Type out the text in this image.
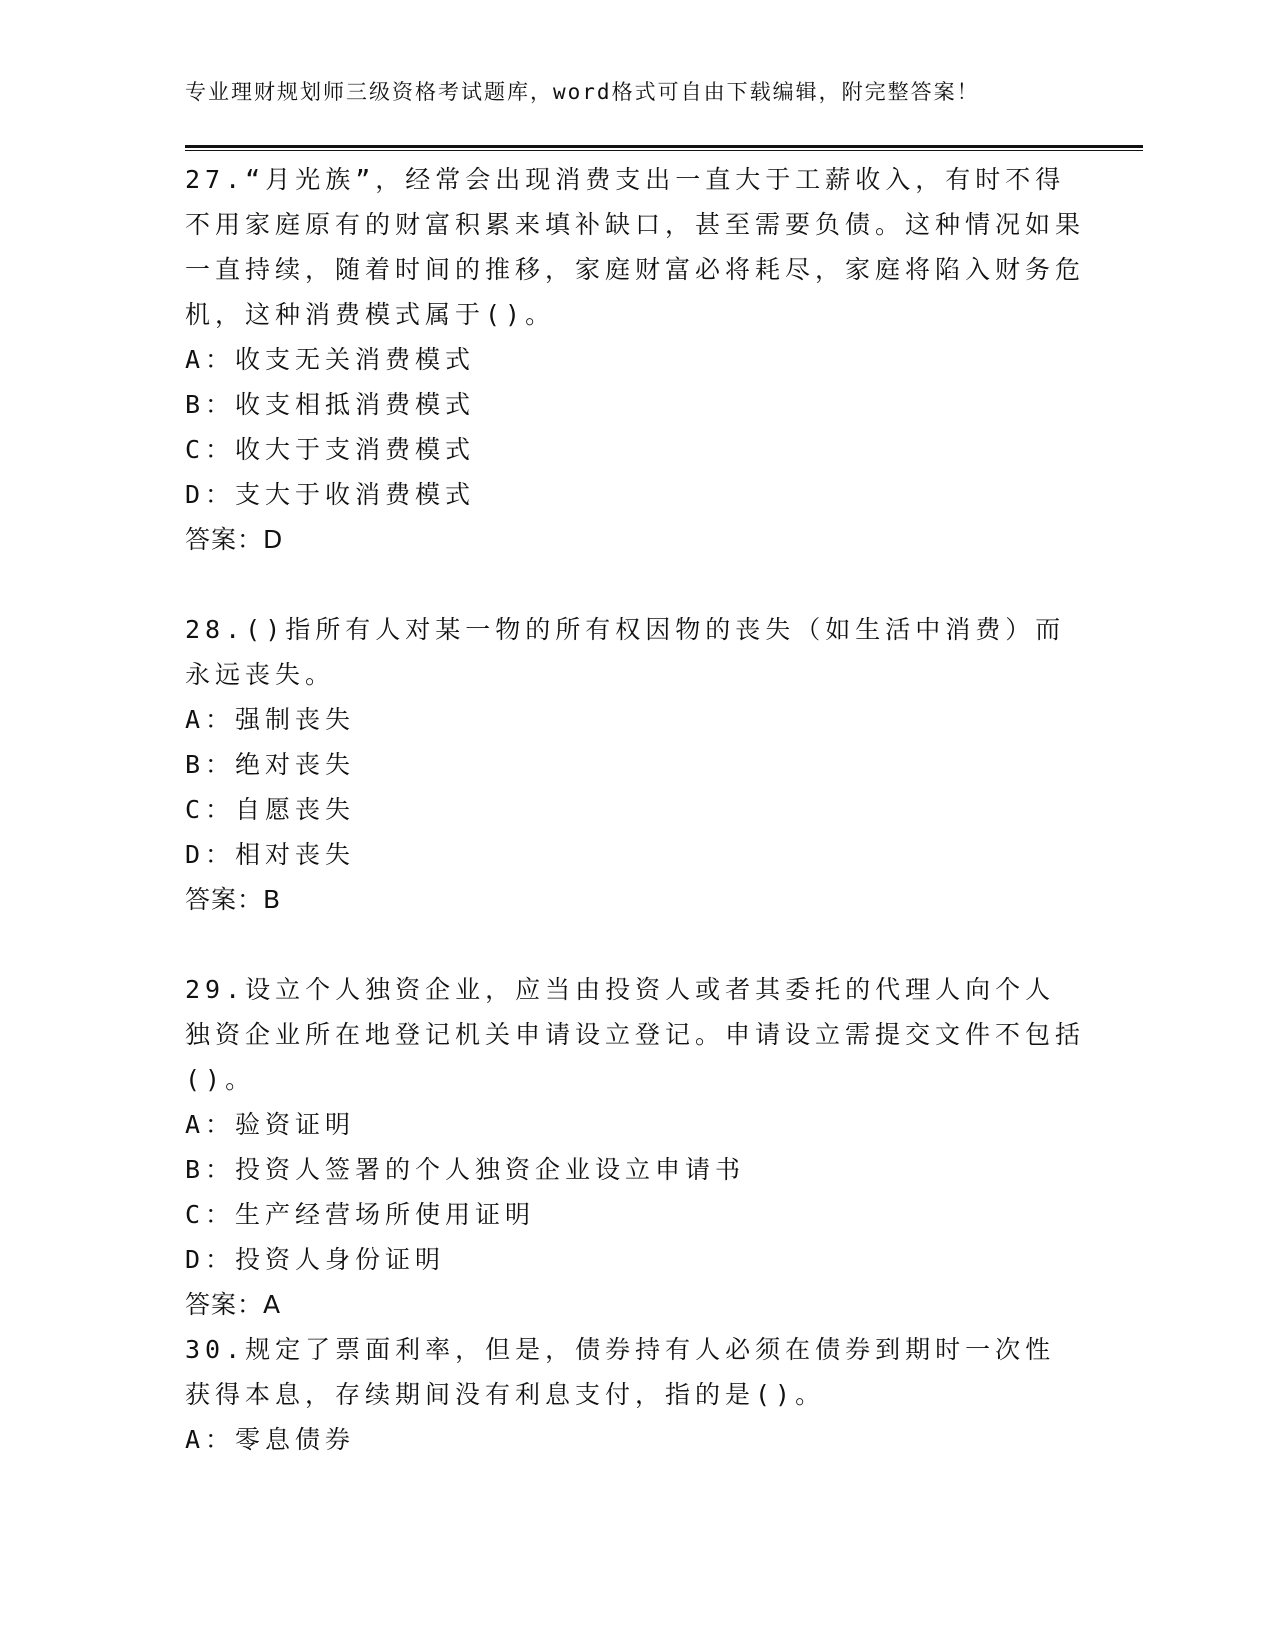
专业理财规划师三级资格考试题库，word格式可自由下载编辑，附完整答案！

27.“月光族”，经常会出现消费支出一直大于工薪收入，有时不得不用家庭原有的财富积累来填补缺口，甚至需要负债。这种情况如果一直持续，随着时间的推移，家庭财富必将耗尽，家庭将陷入财务危机，这种消费模式属于()。

A：收支无关消费模式

B：收支相抵消费模式

C：收大于支消费模式

D：支大于收消费模式

答案：D

28.()指所有人对某一物的所有权因物的丧失（如生活中消费）而永远丧失。

A：强制丧失

B：绝对丧失

C：自愿丧失

D：相对丧失

答案：B

29.设立个人独资企业，应当由投资人或者其委托的代理人向个人独资企业所在地登记机关申请设立登记。申请设立需提交文件不包括()。

A：验资证明

B：投资人签署的个人独资企业设立申请书

C：生产经营场所使用证明

D：投资人身份证明

答案：A

30.规定了票面利率，但是，债券持有人必须在债券到期时一次性获得本息，存续期间没有利息支付，指的是()。

A：零息债券
